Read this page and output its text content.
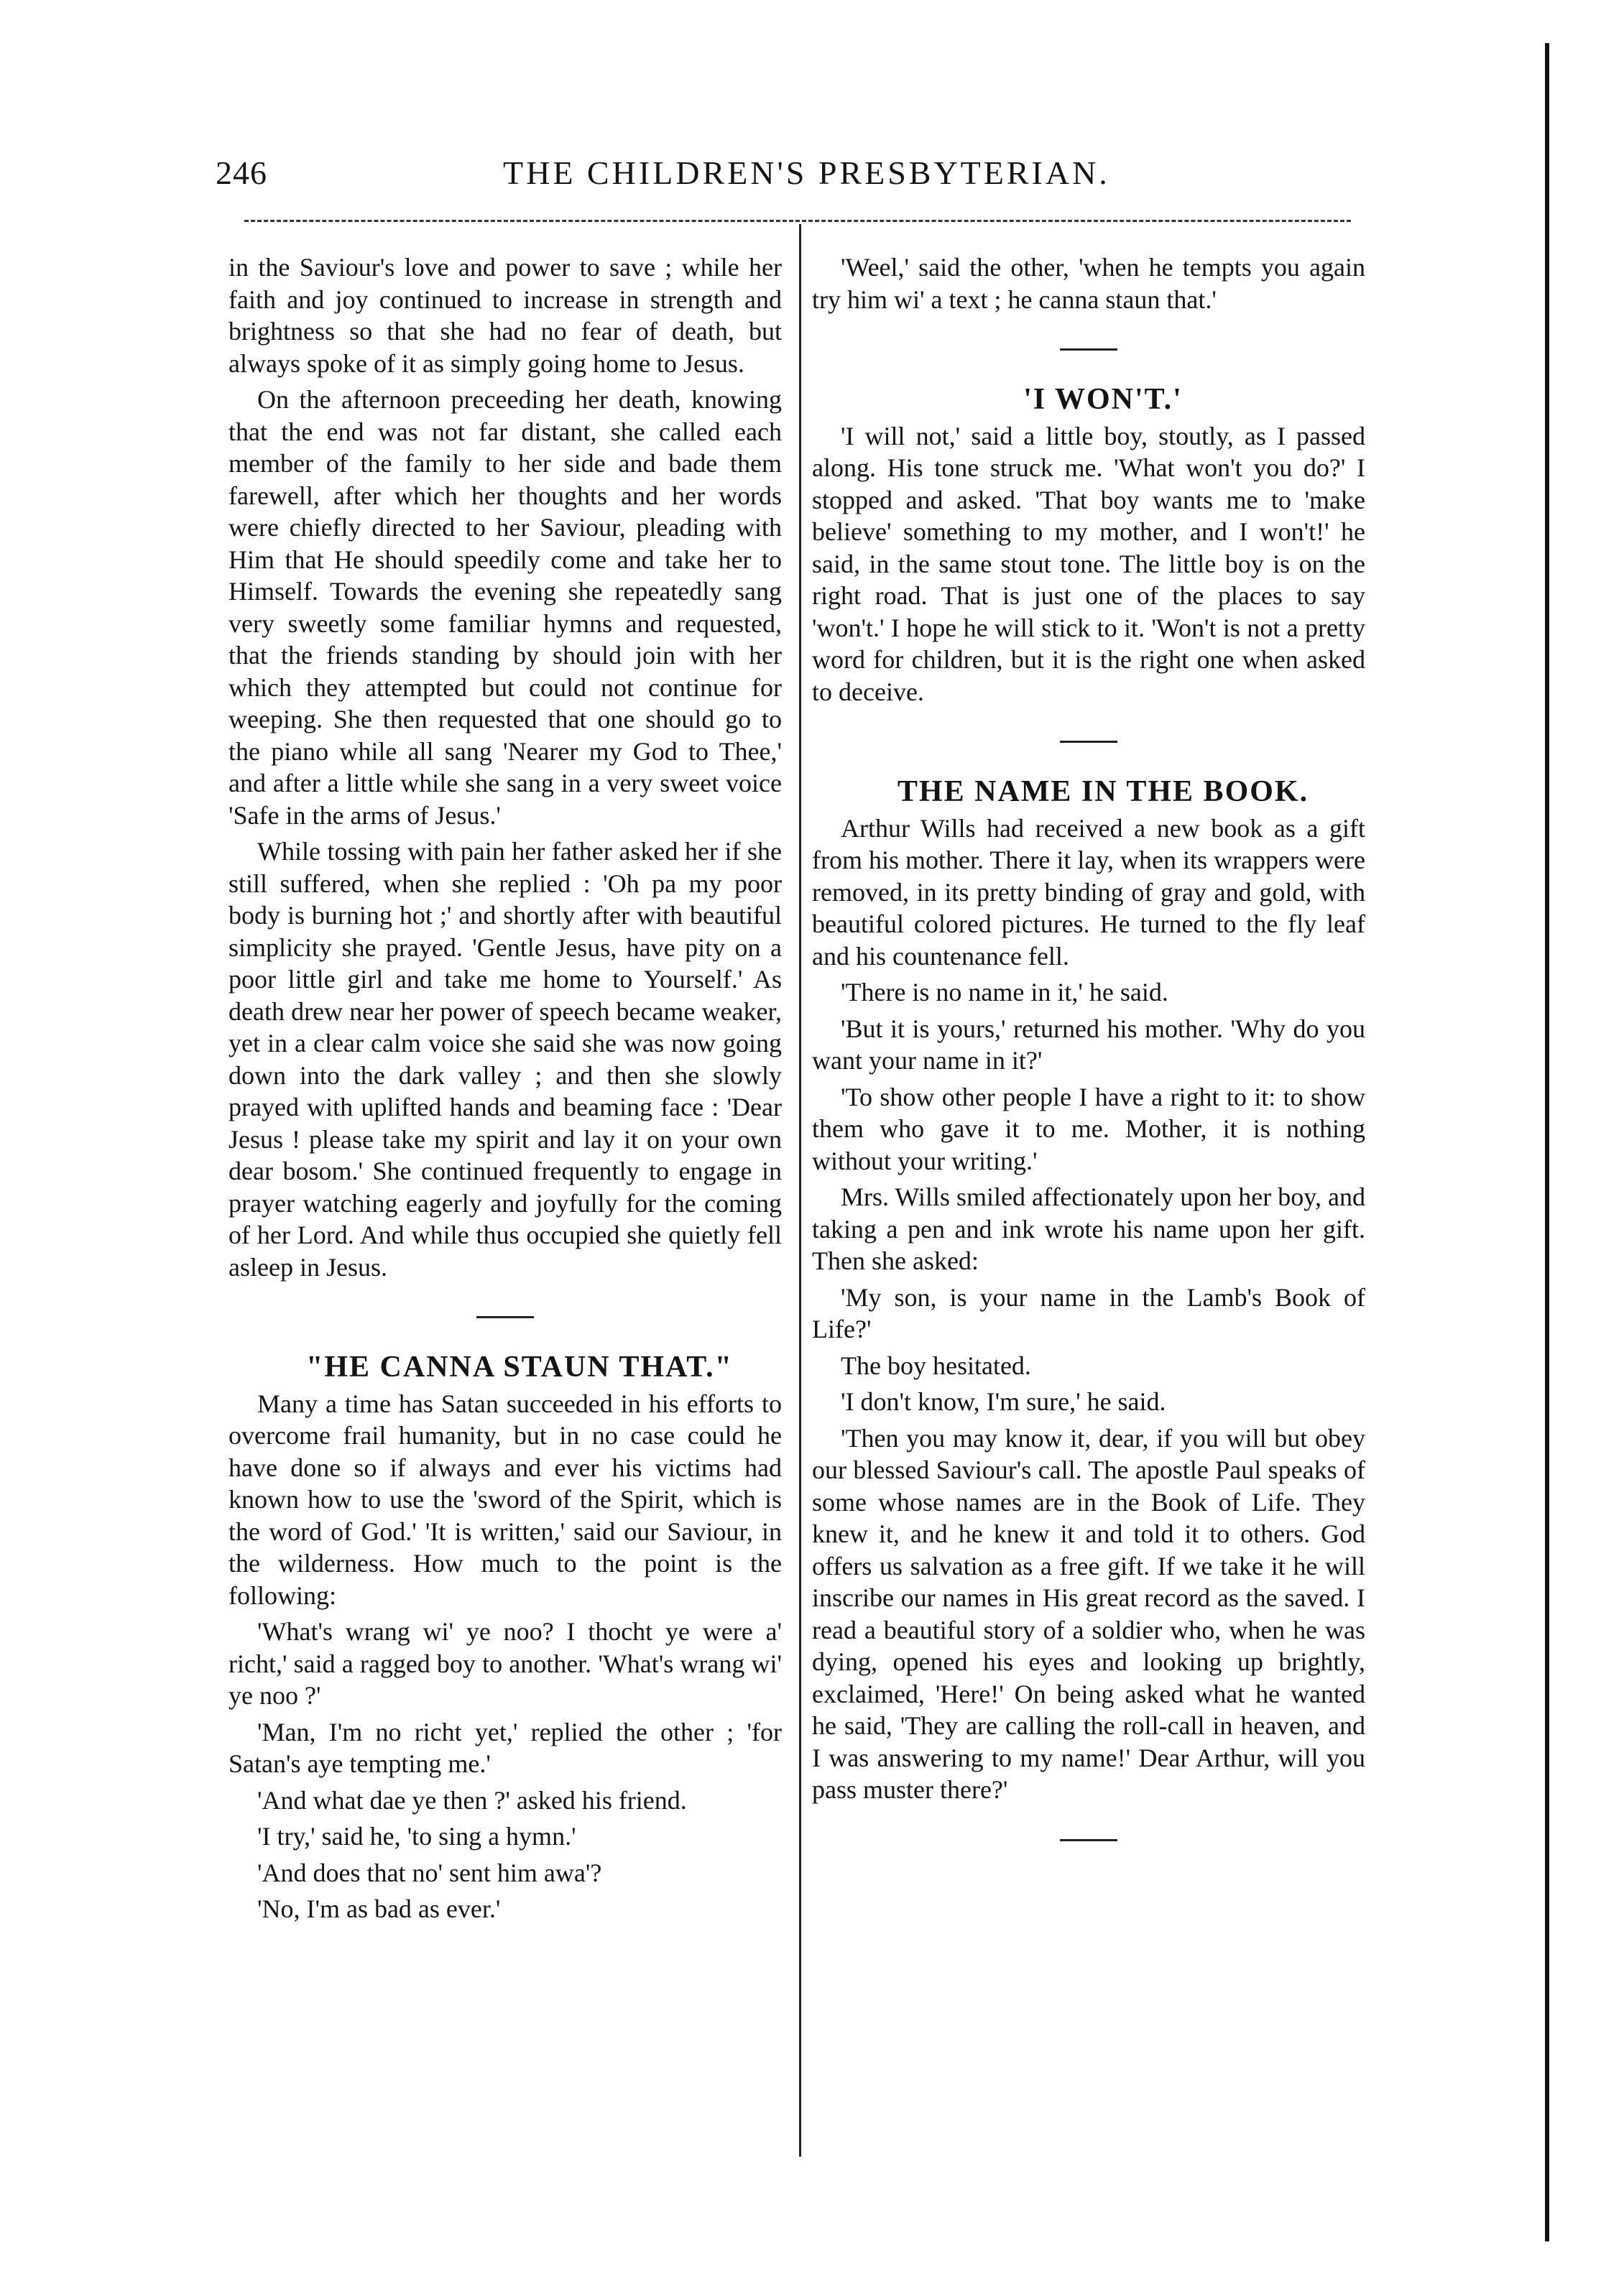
246	THE CHILDREN'S PRESBYTERIAN.

in the Saviour's love and power to save ; while her faith and joy continued to increase in strength and brightness so that she had no fear of death, but always spoke of it as simply going home to Jesus.

On the afternoon preceeding her death, knowing that the end was not far distant, she called each member of the family to her side and bade them farewell, after which her thoughts and her words were chiefly directed to her Saviour, pleading with Him that He should speedily come and take her to Himself. Towards the evening she repeatedly sang very sweetly some familiar hymns and requested, that the friends standing by should join with her which they attempted but could not continue for weeping. She then requested that one should go to the piano while all sang 'Nearer my God to Thee,' and after a little while she sang in a very sweet voice 'Safe in the arms of Jesus.'

While tossing with pain her father asked her if she still suffered, when she replied : 'Oh pa my poor body is burning hot ;' and shortly after with beautiful simplicity she prayed. 'Gentle Jesus, have pity on a poor little girl and take me home to Yourself.' As death drew near her power of speech became weaker, yet in a clear calm voice she said she was now going down into the dark valley ; and then she slowly prayed with uplifted hands and beaming face : 'Dear Jesus ! please take my spirit and lay it on your own dear bosom.' She continued frequently to engage in prayer watching eagerly and joyfully for the coming of her Lord. And while thus occupied she quietly fell asleep in Jesus.

"HE CANNA STAUN THAT."

Many a time has Satan succeeded in his efforts to overcome frail humanity, but in no case could he have done so if always and ever his victims had known how to use the 'sword of the Spirit, which is the word of God.' 'It is written,' said our Saviour, in the wilderness. How much to the point is the following:

'What's wrang wi' ye noo? I thocht ye were a' richt,' said a ragged boy to another. 'What's wrang wi' ye noo ?'

'Man, I'm no richt yet,' replied the other ; 'for Satan's aye tempting me.'

'And what dae ye then ?' asked his friend.

'I try,' said he, 'to sing a hymn.'

'And does that no' sent him awa'?

'No, I'm as bad as ever.'

'Weel,' said the other, 'when he tempts you again try him wi' a text ; he canna staun that.'

'I WON'T.'

'I will not,' said a little boy, stoutly, as I passed along. His tone struck me. 'What won't you do?' I stopped and asked. 'That boy wants me to 'make believe' something to my mother, and I won't!' he said, in the same stout tone. The little boy is on the right road. That is just one of the places to say 'won't.' I hope he will stick to it. 'Won't is not a pretty word for children, but it is the right one when asked to deceive.

THE NAME IN THE BOOK.

Arthur Wills had received a new book as a gift from his mother. There it lay, when its wrappers were removed, in its pretty binding of gray and gold, with beautiful colored pictures. He turned to the fly leaf and his countenance fell.

'There is no name in it,' he said.

'But it is yours,' returned his mother. 'Why do you want your name in it?'

'To show other people I have a right to it: to show them who gave it to me. Mother, it is nothing without your writing.'

Mrs. Wills smiled affectionately upon her boy, and taking a pen and ink wrote his name upon her gift. Then she asked:

'My son, is your name in the Lamb's Book of Life?'

The boy hesitated.

'I don't know, I'm sure,' he said.

'Then you may know it, dear, if you will but obey our blessed Saviour's call. The apostle Paul speaks of some whose names are in the Book of Life. They knew it, and he knew it and told it to others. God offers us salvation as a free gift. If we take it he will inscribe our names in His great record as the saved. I read a beautiful story of a soldier who, when he was dying, opened his eyes and looking up brightly, exclaimed, 'Here!' On being asked what he wanted he said, 'They are calling the roll-call in heaven, and I was answering to my name!' Dear Arthur, will you pass muster there?'
